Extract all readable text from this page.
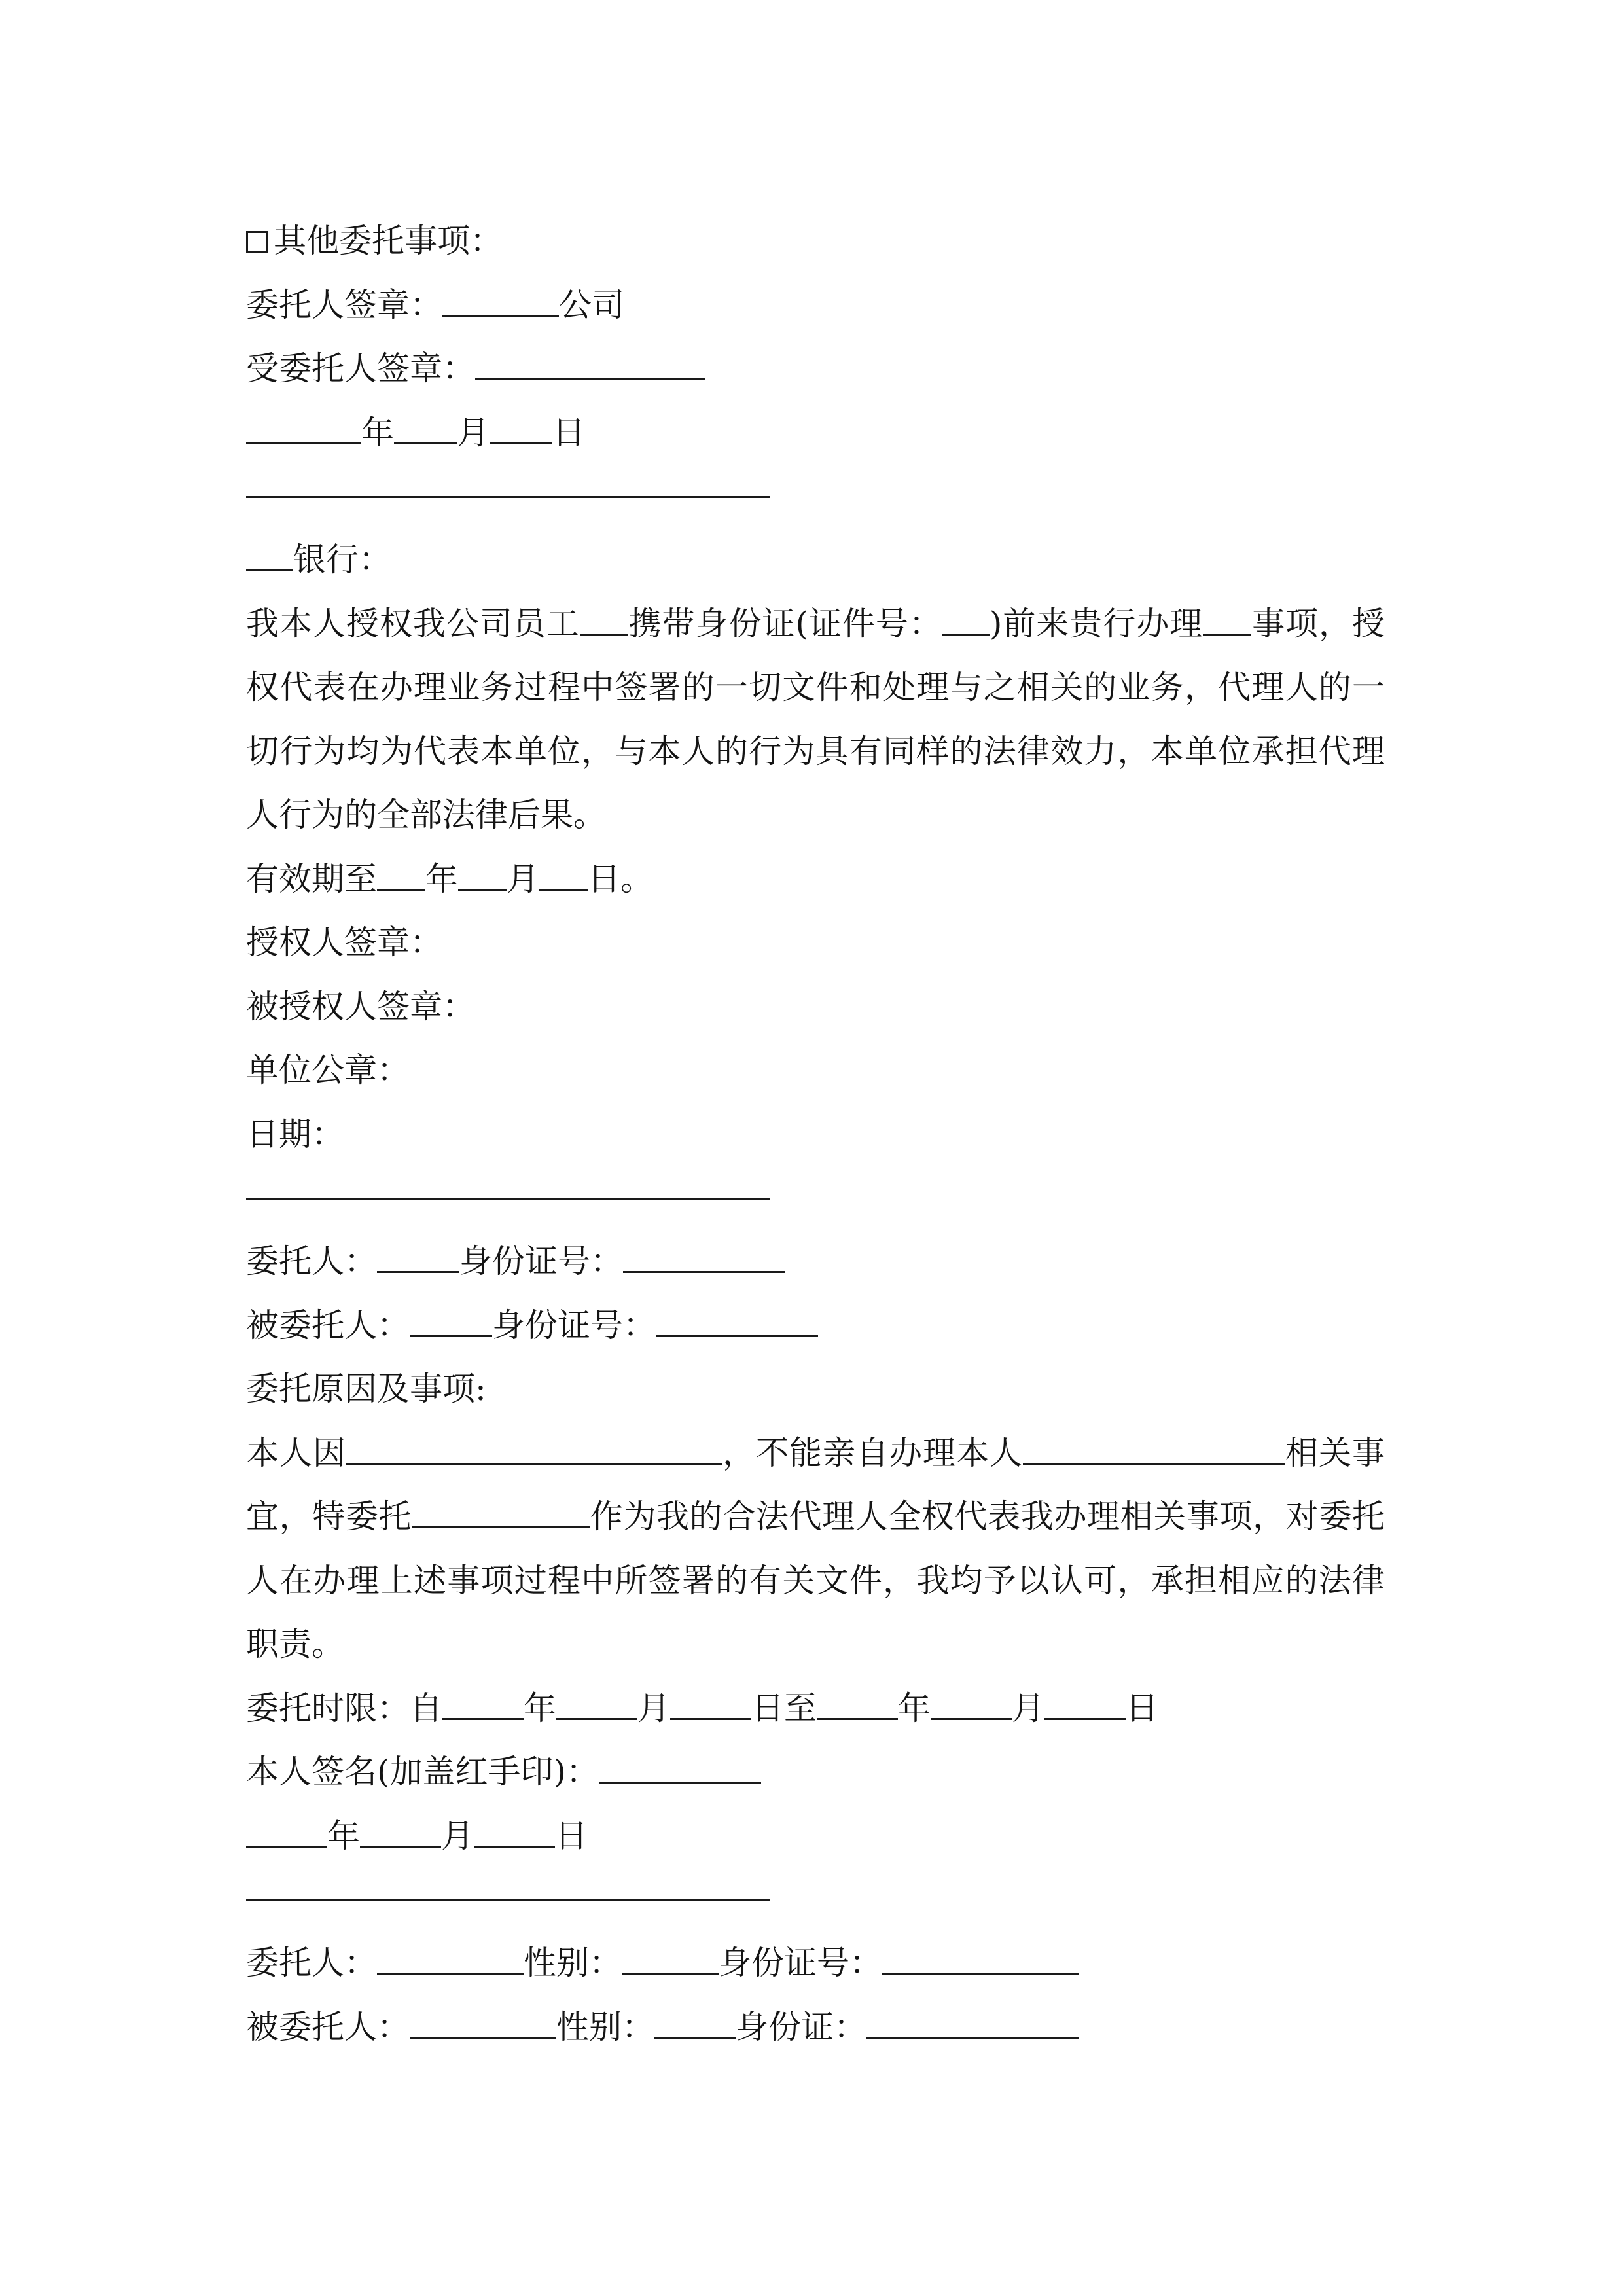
其他委托事项：
委托人签章：	公司
受委托人签章：
年 月 日
银行：
我本人授权我公司员工 携带身份证(证件号： )前来贵行办理 事项，授权代表在办理业务过程中签署的一切文件和处理与之相关的业务，代理人的一切行为均为代表本单位，与本人的行为具有同样的法律效力，本单位承担代理人行为的全部法律后果。
有效期至 年 月 日。
授权人签章：
被授权人签章：
单位公章：
日期：
委托人：	身份证号：
被委托人：	身份证号：
委托原因及事项:
本人因	，不能亲自办理本人	相关事宜，特委托	作为我的合法代理人全权代表我办理相关事项，对委托人在办理上述事项过程中所签署的有关文件，我均予以认可，承担相应的法律职责。
委托时限：自 年 月 日至 年 月 日
本人签名(加盖红手印)：
年 月 日
委托人：	性别：	身份证号：
被委托人：	性别： 身份证：
